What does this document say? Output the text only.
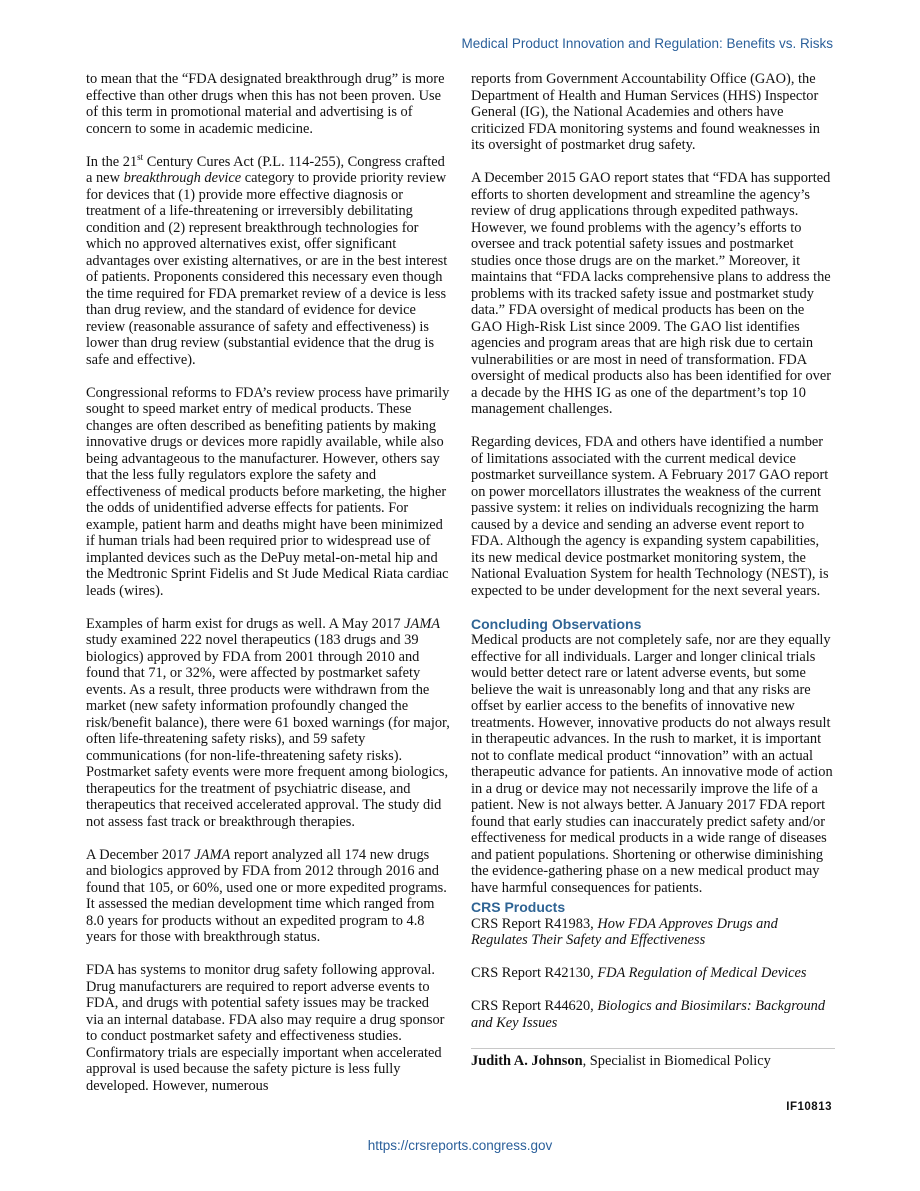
Medical Product Innovation and Regulation: Benefits vs. Risks

to mean that the “FDA designated breakthrough drug” is more effective than other drugs when this has not been proven. Use of this term in promotional material and advertising is of concern to some in academic medicine.

In the 21st Century Cures Act (P.L. 114-255), Congress crafted a new breakthrough device category to provide priority review for devices that (1) provide more effective diagnosis or treatment of a life-threatening or irreversibly debilitating condition and (2) represent breakthrough technologies for which no approved alternatives exist, offer significant advantages over existing alternatives, or are in the best interest of patients. Proponents considered this necessary even though the time required for FDA premarket review of a device is less than drug review, and the standard of evidence for device review (reasonable assurance of safety and effectiveness) is lower than drug review (substantial evidence that the drug is safe and effective).

Congressional reforms to FDA’s review process have primarily sought to speed market entry of medical products. These changes are often described as benefiting patients by making innovative drugs or devices more rapidly available, while also being advantageous to the manufacturer. However, others say that the less fully regulators explore the safety and effectiveness of medical products before marketing, the higher the odds of unidentified adverse effects for patients. For example, patient harm and deaths might have been minimized if human trials had been required prior to widespread use of implanted devices such as the DePuy metal-on-metal hip and the Medtronic Sprint Fidelis and St Jude Medical Riata cardiac leads (wires).

Examples of harm exist for drugs as well. A May 2017 JAMA study examined 222 novel therapeutics (183 drugs and 39 biologics) approved by FDA from 2001 through 2010 and found that 71, or 32%, were affected by postmarket safety events. As a result, three products were withdrawn from the market (new safety information profoundly changed the risk/benefit balance), there were 61 boxed warnings (for major, often life-threatening safety risks), and 59 safety communications (for non-life-threatening safety risks). Postmarket safety events were more frequent among biologics, therapeutics for the treatment of psychiatric disease, and therapeutics that received accelerated approval. The study did not assess fast track or breakthrough therapies.

A December 2017 JAMA report analyzed all 174 new drugs and biologics approved by FDA from 2012 through 2016 and found that 105, or 60%, used one or more expedited programs. It assessed the median development time which ranged from 8.0 years for products without an expedited program to 4.8 years for those with breakthrough status.

FDA has systems to monitor drug safety following approval. Drug manufacturers are required to report adverse events to FDA, and drugs with potential safety issues may be tracked via an internal database. FDA also may require a drug sponsor to conduct postmarket safety and effectiveness studies. Confirmatory trials are especially important when accelerated approval is used because the safety picture is less fully developed. However, numerous

reports from Government Accountability Office (GAO), the Department of Health and Human Services (HHS) Inspector General (IG), the National Academies and others have criticized FDA monitoring systems and found weaknesses in its oversight of postmarket drug safety.

A December 2015 GAO report states that “FDA has supported efforts to shorten development and streamline the agency’s review of drug applications through expedited pathways. However, we found problems with the agency’s efforts to oversee and track potential safety issues and postmarket studies once those drugs are on the market.” Moreover, it maintains that “FDA lacks comprehensive plans to address the problems with its tracked safety issue and postmarket study data.” FDA oversight of medical products has been on the GAO High-Risk List since 2009. The GAO list identifies agencies and program areas that are high risk due to certain vulnerabilities or are most in need of transformation. FDA oversight of medical products also has been identified for over a decade by the HHS IG as one of the department’s top 10 management challenges.

Regarding devices, FDA and others have identified a number of limitations associated with the current medical device postmarket surveillance system. A February 2017 GAO report on power morcellators illustrates the weakness of the current passive system: it relies on individuals recognizing the harm caused by a device and sending an adverse event report to FDA. Although the agency is expanding system capabilities, its new medical device postmarket monitoring system, the National Evaluation System for health Technology (NEST), is expected to be under development for the next several years.

Concluding Observations

Medical products are not completely safe, nor are they equally effective for all individuals. Larger and longer clinical trials would better detect rare or latent adverse events, but some believe the wait is unreasonably long and that any risks are offset by earlier access to the benefits of innovative new treatments. However, innovative products do not always result in therapeutic advances. In the rush to market, it is important not to conflate medical product “innovation” with an actual therapeutic advance for patients. An innovative mode of action in a drug or device may not necessarily improve the life of a patient. New is not always better. A January 2017 FDA report found that early studies can inaccurately predict safety and/or effectiveness for medical products in a wide range of diseases and patient populations. Shortening or otherwise diminishing the evidence-gathering phase on a new medical product may have harmful consequences for patients.

CRS Products

CRS Report R41983, How FDA Approves Drugs and Regulates Their Safety and Effectiveness

CRS Report R42130, FDA Regulation of Medical Devices

CRS Report R44620, Biologics and Biosimilars: Background and Key Issues

Judith A. Johnson, Specialist in Biomedical Policy

IF10813
https://crsreports.congress.gov
